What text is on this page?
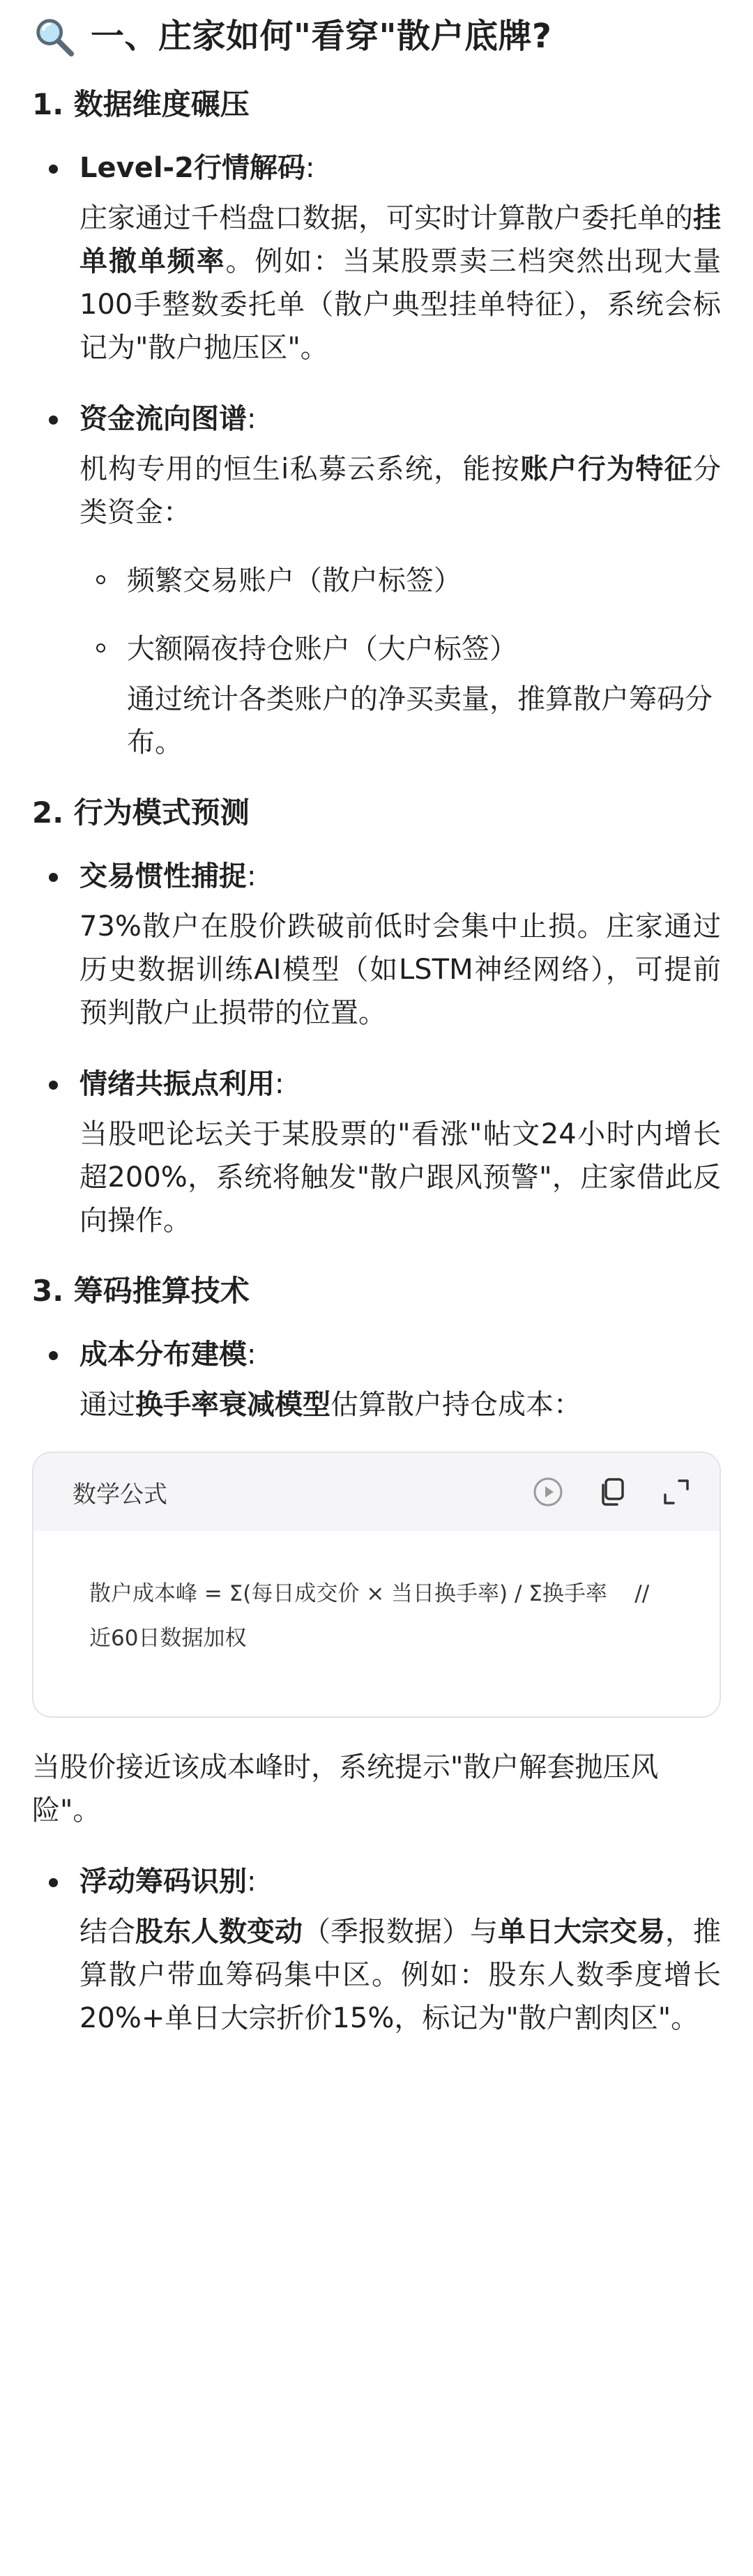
一、庄家如何"看穿"散户底牌?
1. 数据维度碾压
Level-2行情解码:
庄家通过千档盘口数据，可实时计算散户委托单的挂单撤单频率。例如：当某股票卖三档突然出现大量100手整数委托单（散户典型挂单特征），系统会标记为"散户抛压区"。
资金流向图谱:
机构专用的恒生i私募云系统，能按账户行为特征分类资金：
频繁交易账户（散户标签）
大额隔夜持仓账户（大户标签）
通过统计各类账户的净买卖量，推算散户筹码分布。
2. 行为模式预测
交易惯性捕捉:
73%散户在股价跌破前低时会集中止损。庄家通过历史数据训练AI模型（如LSTM神经网络），可提前预判散户止损带的位置。
情绪共振点利用:
当股吧论坛关于某股票的"看涨"帖文24小时内增长超200%，系统将触发"散户跟风预警"，庄家借此反向操作。
3. 筹码推算技术
成本分布建模:
通过换手率衰减模型估算散户持仓成本：
数学公式
散户成本峰 = Σ(每日成交价 × 当日换手率) / Σ换手率    // 近60日数据加权
当股价接近该成本峰时，系统提示"散户解套抛压风险"。
浮动筹码识别:
结合股东人数变动（季报数据）与单日大宗交易，推算散户带血筹码集中区。例如：股东人数季度增长20%+单日大宗折价15%，标记为"散户割肉区"。
